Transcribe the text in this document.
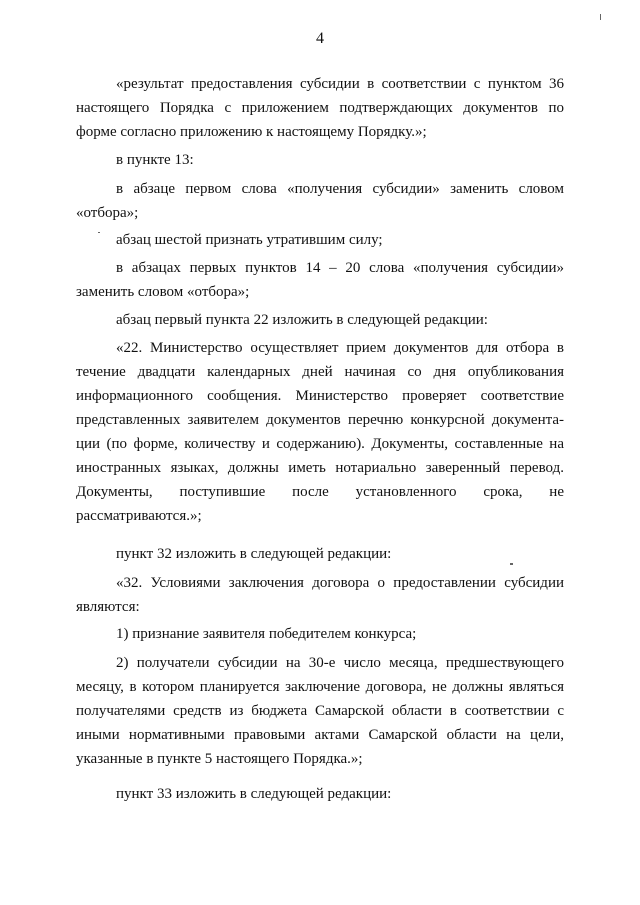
4
«результат предоставления субсидии в соответствии с пунктом 36
настоящего Порядка с приложением подтверждающих документов по
форме согласно приложению к настоящему Порядку.»;
в пункте 13:
в абзаце первом слова «получения субсидии» заменить словом
«отбора»;
абзац шестой признать утратившим силу;
в абзацах первых пунктов 14 – 20 слова «получения субсидии»
заменить словом «отбора»;
абзац первый пункта 22 изложить в следующей редакции:
«22. Министерство осуществляет прием документов для отбора в
течение двадцати календарных дней начиная со дня опубликования
информационного сообщения. Министерство проверяет соответствие
представленных заявителем документов перечню конкурсной документа-
ции (по форме, количеству и содержанию). Документы, составленные на
иностранных языках, должны иметь нотариально заверенный перевод.
Документы, поступившие после установленного срока, не
рассматриваются.»;
пункт 32 изложить в следующей редакции:
«32. Условиями заключения договора о предоставлении субсидии
являются:
1) признание заявителя победителем конкурса;
2) получатели субсидии на 30-е число месяца, предшествующего
месяцу, в котором планируется заключение договора, не должны являться
получателями средств из бюджета Самарской области в соответствии с
иными нормативными правовыми актами Самарской области на цели,
указанные в пункте 5 настоящего Порядка.»;
пункт 33 изложить в следующей редакции:
